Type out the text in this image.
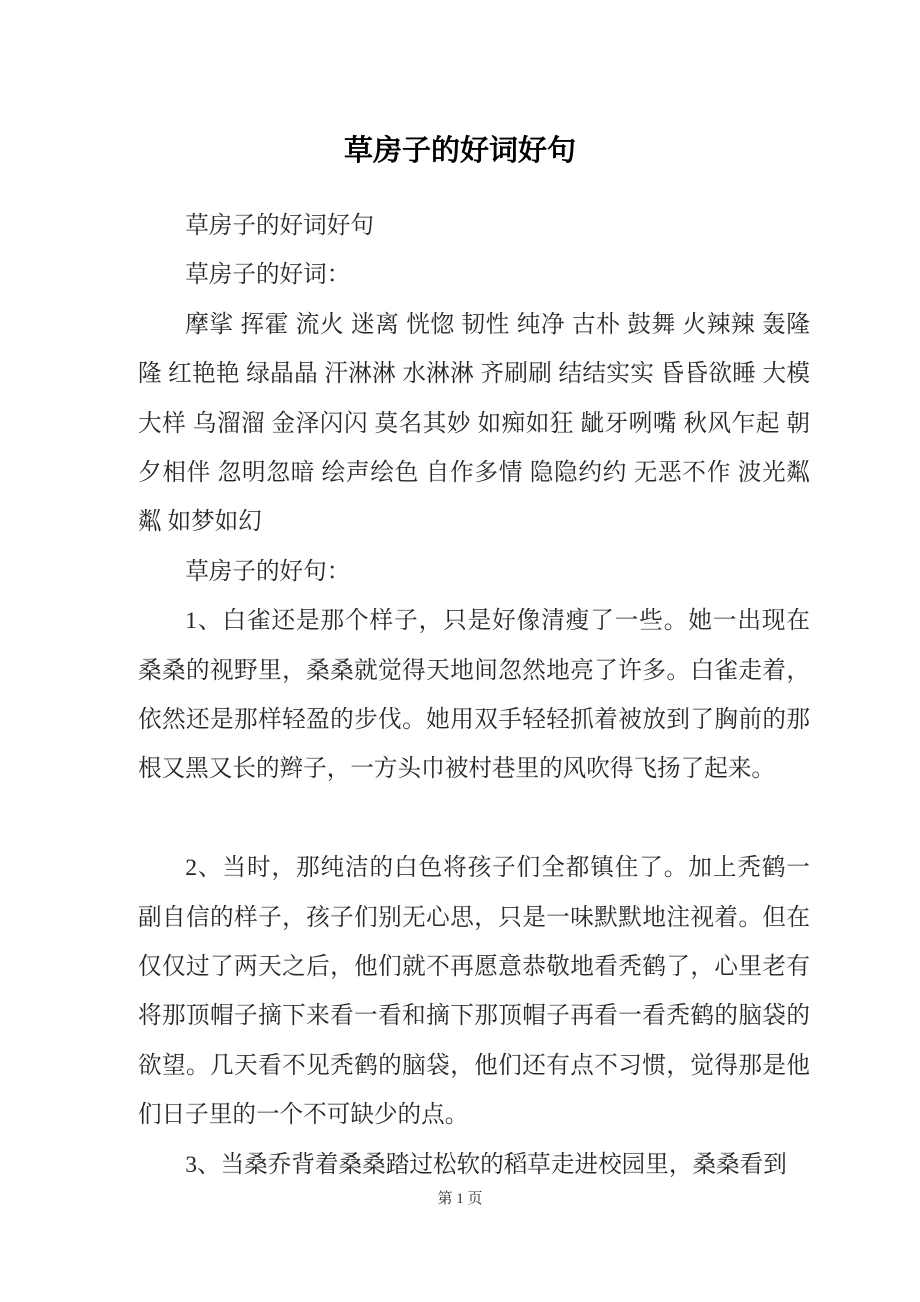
草房子的好词好句

草房子的好词好句

草房子的好词：

摩挲 挥霍 流火 迷离 恍惚 韧性 纯净 古朴 鼓舞 火辣辣 轰隆隆 红艳艳 绿晶晶 汗淋淋 水淋淋 齐刷刷 结结实实 昏昏欲睡 大模大样 乌溜溜 金泽闪闪 莫名其妙 如痴如狂 龇牙咧嘴 秋风乍起 朝夕相伴 忽明忽暗 绘声绘色 自作多情 隐隐约约 无恶不作 波光粼粼 如梦如幻

草房子的好句：

1、白雀还是那个样子，只是好像清瘦了一些。她一出现在桑桑的视野里，桑桑就觉得天地间忽然地亮了许多。白雀走着，依然还是那样轻盈的步伐。她用双手轻轻抓着被放到了胸前的那根又黑又长的辫子，一方头巾被村巷里的风吹得飞扬了起来。

2、当时，那纯洁的白色将孩子们全都镇住了。加上秃鹤一副自信的样子，孩子们别无心思，只是一味默默地注视着。但在仅仅过了两天之后，他们就不再愿意恭敬地看秃鹤了，心里老有将那顶帽子摘下来看一看和摘下那顶帽子再看一看秃鹤的脑袋的欲望。几天看不见秃鹤的脑袋，他们还有点不习惯，觉得那是他们日子里的一个不可缺少的点。

3、当桑乔背着桑桑踏过松软的稻草走进校园里，桑桑看到

第 1 页
